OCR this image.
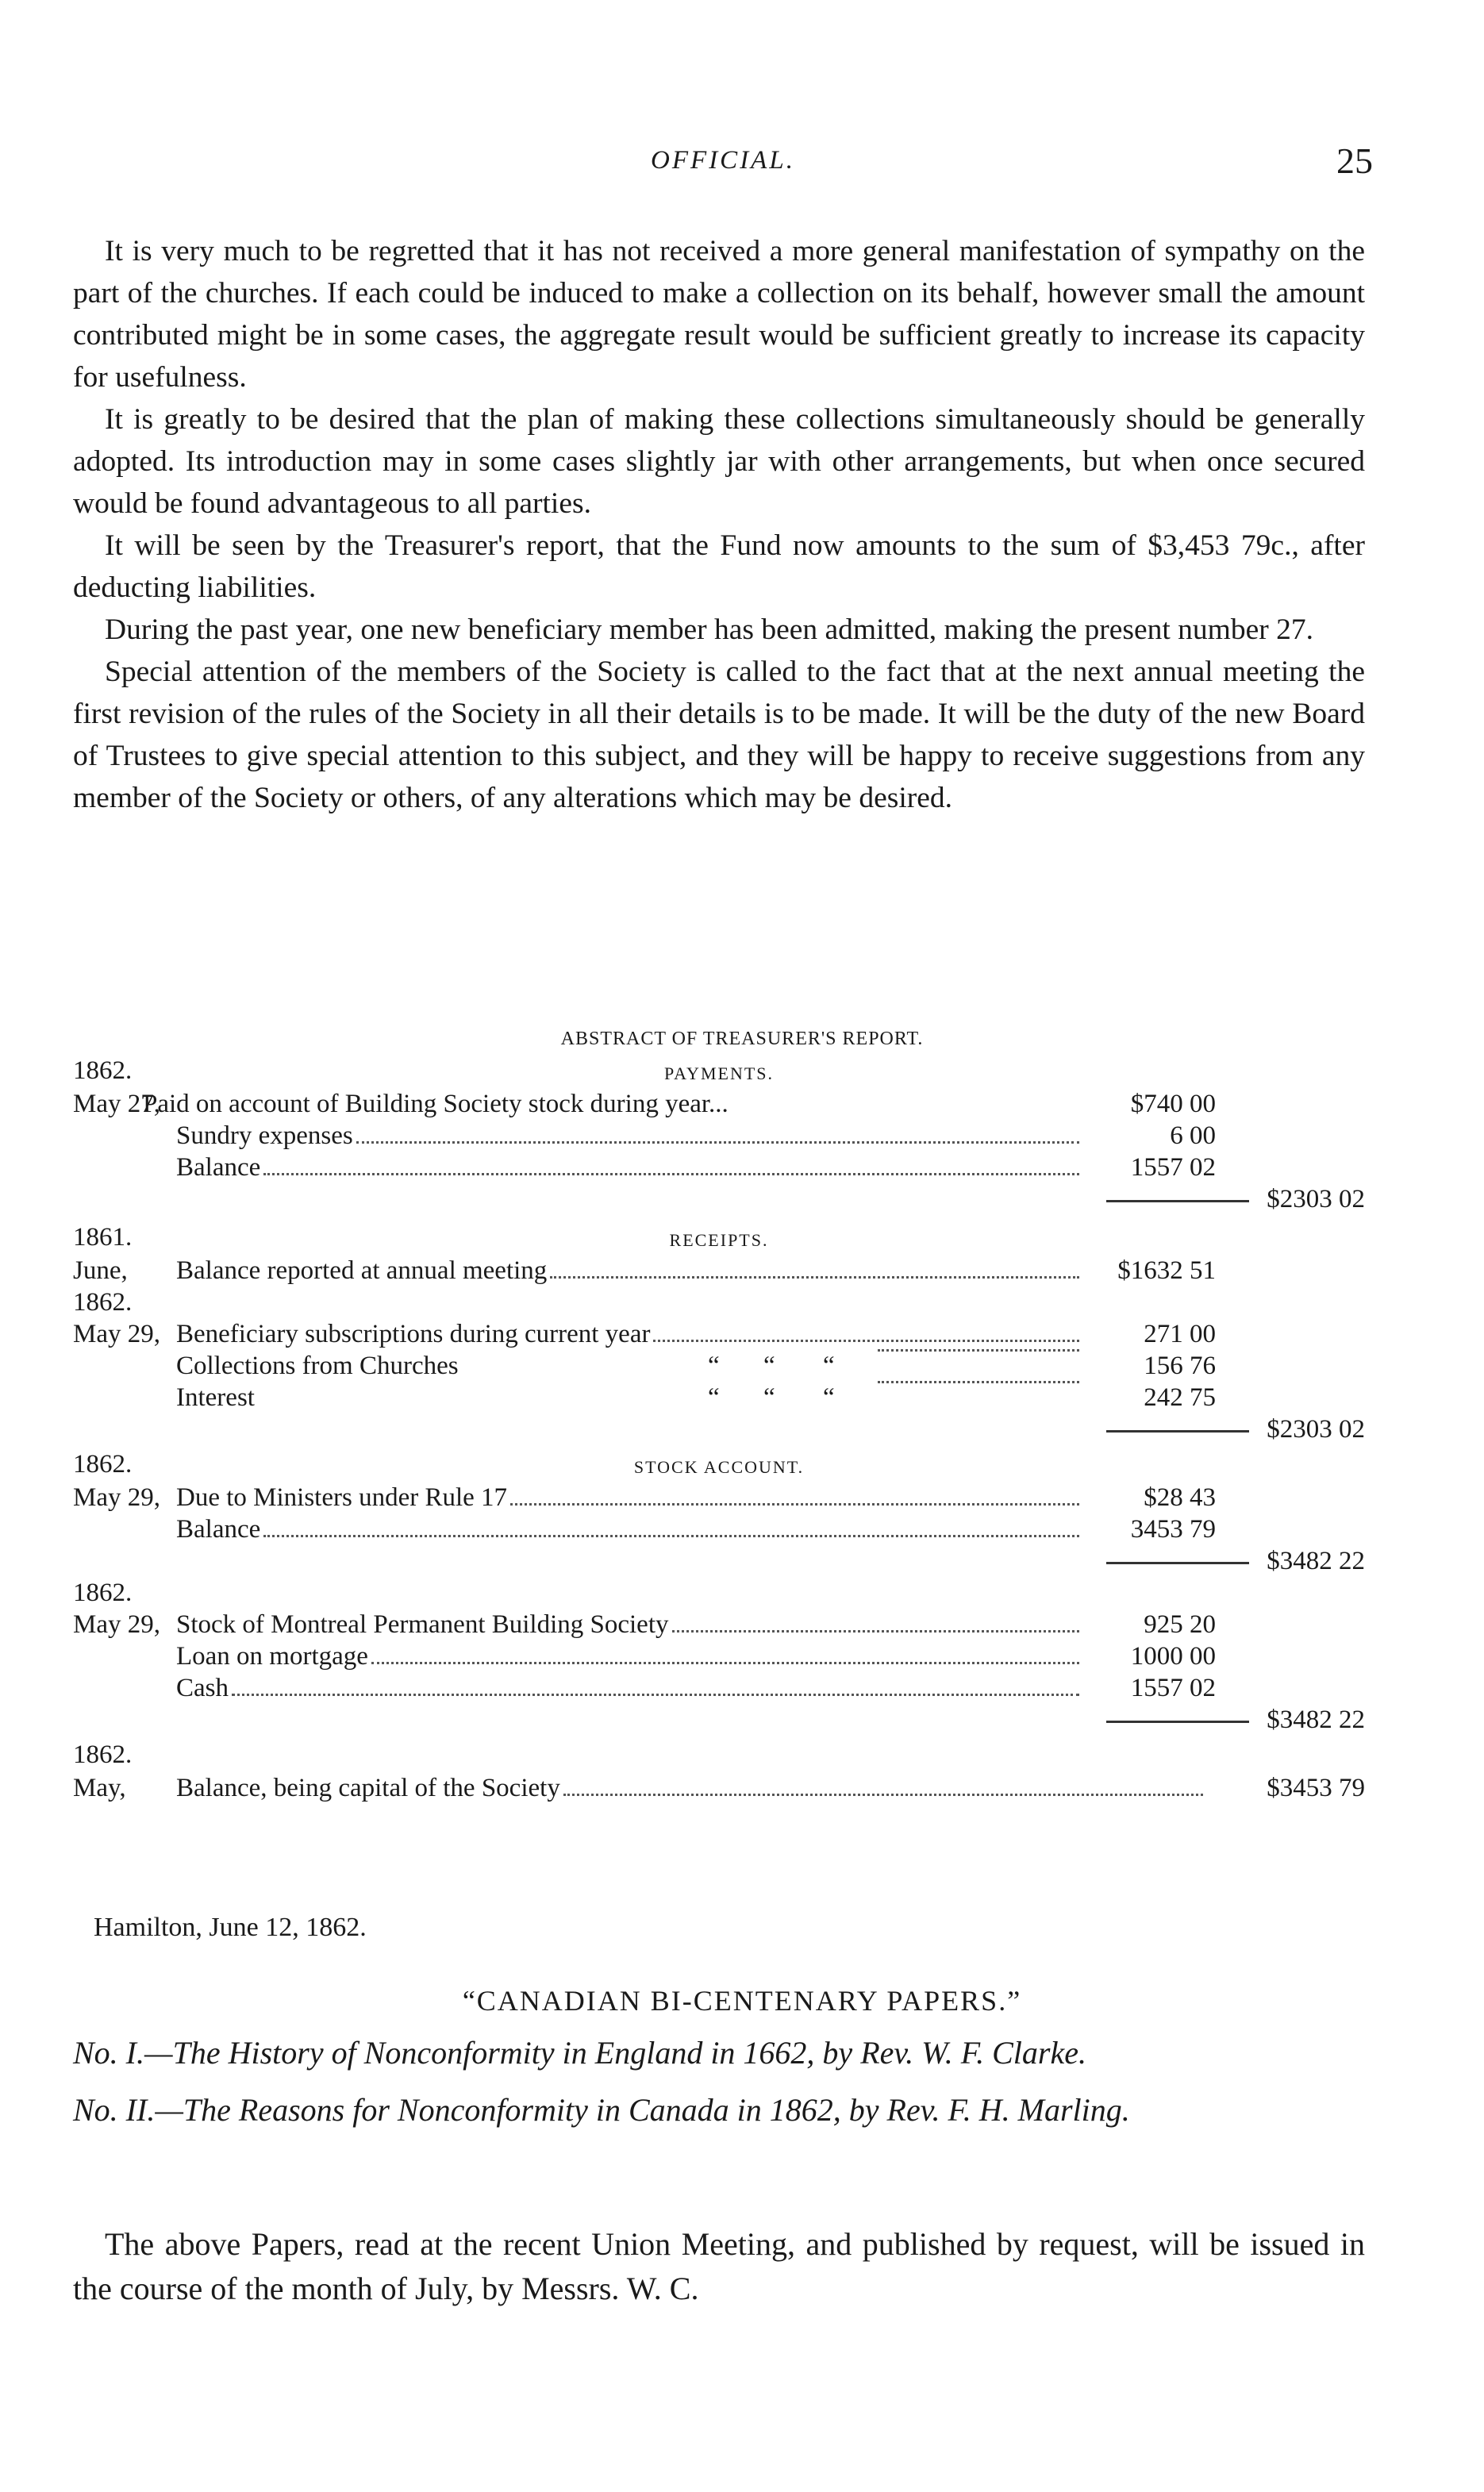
OFFICIAL.	25

It is very much to be regretted that it has not received a more general manifestation of sympathy on the part of the churches. If each could be induced to make a collection on its behalf, however small the amount contributed might be in some cases, the aggregate result would be sufficient greatly to increase its capacity for usefulness.

It is greatly to be desired that the plan of making these collections simultaneously should be generally adopted. Its introduction may in some cases slightly jar with other arrangements, but when once secured would be found advantageous to all parties.

It will be seen by the Treasurer's report, that the Fund now amounts to the sum of $3,453 79c., after deducting liabilities.

During the past year, one new beneficiary member has been admitted, making the present number 27.

Special attention of the members of the Society is called to the fact that at the next annual meeting the first revision of the rules of the Society in all their details is to be made. It will be the duty of the new Board of Trustees to give special attention to this subject, and they will be happy to receive suggestions from any member of the Society or others, of any alterations which may be desired.

ABSTRACT OF TREASURER'S REPORT.
1862.	PAYMENTS.
May 27,
Paid on account of Building Society stock during year...	$740 00
Sundry expenses	6 00
Balance	1557 02
$2303 02
1861.	RECEIPTS.
June, Balance reported at annual meeting	$1632 51
1862.
May 29, Beneficiary subscriptions during current year	271 00
Collections from Churches	“ “ “	156 76
Interest	“ “ “	242 75
$2303 02
1862.	STOCK ACCOUNT.
May 29, Due to Ministers under Rule 17	$28 43
Balance	3453 79
$3482 22
1862.
May 29, Stock of Montreal Permanent Building Society	925 20
Loan on mortgage	1000 00
Cash	1557 02
$3482 22
1862.
May, Balance, being capital of the Society	$3453 79
Hamilton, June 12, 1862.
“CANADIAN BI-CENTENARY PAPERS.”

No. I.—The History of Nonconformity in England in 1662, by Rev. W. F. Clarke.

No. II.—The Reasons for Nonconformity in Canada in 1862, by Rev. F. H. Marling.

The above Papers, read at the recent Union Meeting, and published by request, will be issued in the course of the month of July, by Messrs. W. C.
